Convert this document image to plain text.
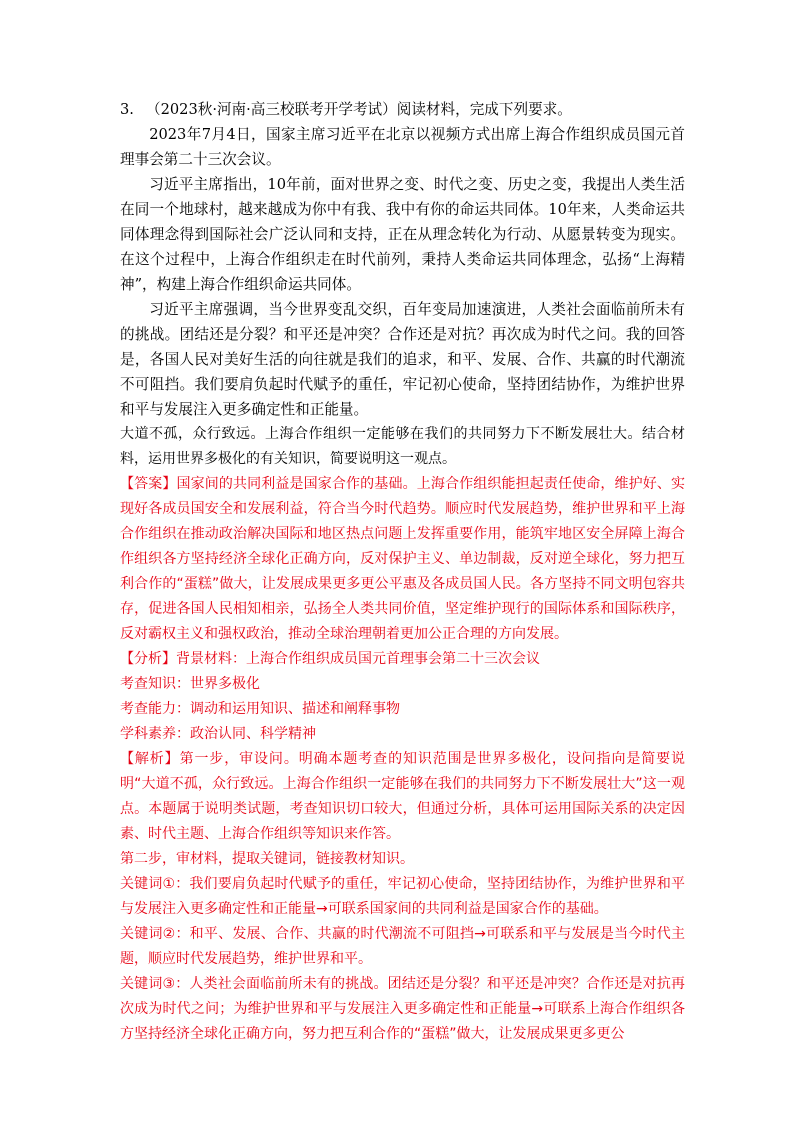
3. （2023秋·河南·高三校联考开学考试）阅读材料，完成下列要求。

2023年7月4日，国家主席习近平在北京以视频方式出席上海合作组织成员国元首理事会第二十三次会议。

习近平主席指出，10年前，面对世界之变、时代之变、历史之变，我提出人类生活在同一个地球村，越来越成为你中有我、我中有你的命运共同体。10年来，人类命运共同体理念得到国际社会广泛认同和支持，正在从理念转化为行动、从愿景转变为现实。在这个过程中，上海合作组织走在时代前列，秉持人类命运共同体理念，弘扬“上海精神”，构建上海合作组织命运共同体。

习近平主席强调，当今世界变乱交织，百年变局加速演进，人类社会面临前所未有的挑战。团结还是分裂？和平还是冲突？合作还是对抗？再次成为时代之问。我的回答是，各国人民对美好生活的向往就是我们的追求，和平、发展、合作、共赢的时代潮流不可阻挡。我们要肩负起时代赋予的重任，牢记初心使命，坚持团结协作，为维护世界和平与发展注入更多确定性和正能量。

大道不孤，众行致远。上海合作组织一定能够在我们的共同努力下不断发展壮大。结合材料，运用世界多极化的有关知识，简要说明这一观点。

【答案】国家间的共同利益是国家合作的基础。上海合作组织能担起责任使命，维护好、实现好各成员国安全和发展利益，符合当今时代趋势。顺应时代发展趋势，维护世界和平上海合作组织在推动政治解决国际和地区热点问题上发挥重要作用，能筑牢地区安全屏障上海合作组织各方坚持经济全球化正确方向，反对保护主义、单边制裁，反对逆全球化，努力把互利合作的“蛋糕”做大，让发展成果更多更公平惠及各成员国人民。各方坚持不同文明包容共存，促进各国人民相知相亲，弘扬全人类共同价值，坚定维护现行的国际体系和国际秩序，反对霸权主义和强权政治，推动全球治理朝着更加公正合理的方向发展。

【分析】背景材料：上海合作组织成员国元首理事会第二十三次会议

考查知识：世界多极化

考查能力：调动和运用知识、描述和阐释事物

学科素养：政治认同、科学精神

【解析】第一步，审设问。明确本题考查的知识范围是世界多极化，设问指向是简要说明“大道不孤，众行致远。上海合作组织一定能够在我们的共同努力下不断发展壮大”这一观点。本题属于说明类试题，考查知识切口较大，但通过分析，具体可运用国际关系的决定因素、时代主题、上海合作组织等知识来作答。

第二步，审材料，提取关键词，链接教材知识。

关键词①：我们要肩负起时代赋予的重任，牢记初心使命，坚持团结协作，为维护世界和平与发展注入更多确定性和正能量→可联系国家间的共同利益是国家合作的基础。

关键词②：和平、发展、合作、共赢的时代潮流不可阻挡→可联系和平与发展是当今时代主题，顺应时代发展趋势，维护世界和平。

关键词③：人类社会面临前所未有的挑战。团结还是分裂？和平还是冲突？合作还是对抗再次成为时代之问；为维护世界和平与发展注入更多确定性和正能量→可联系上海合作组织各方坚持经济全球化正确方向，努力把互利合作的“蛋糕”做大，让发展成果更多更公
